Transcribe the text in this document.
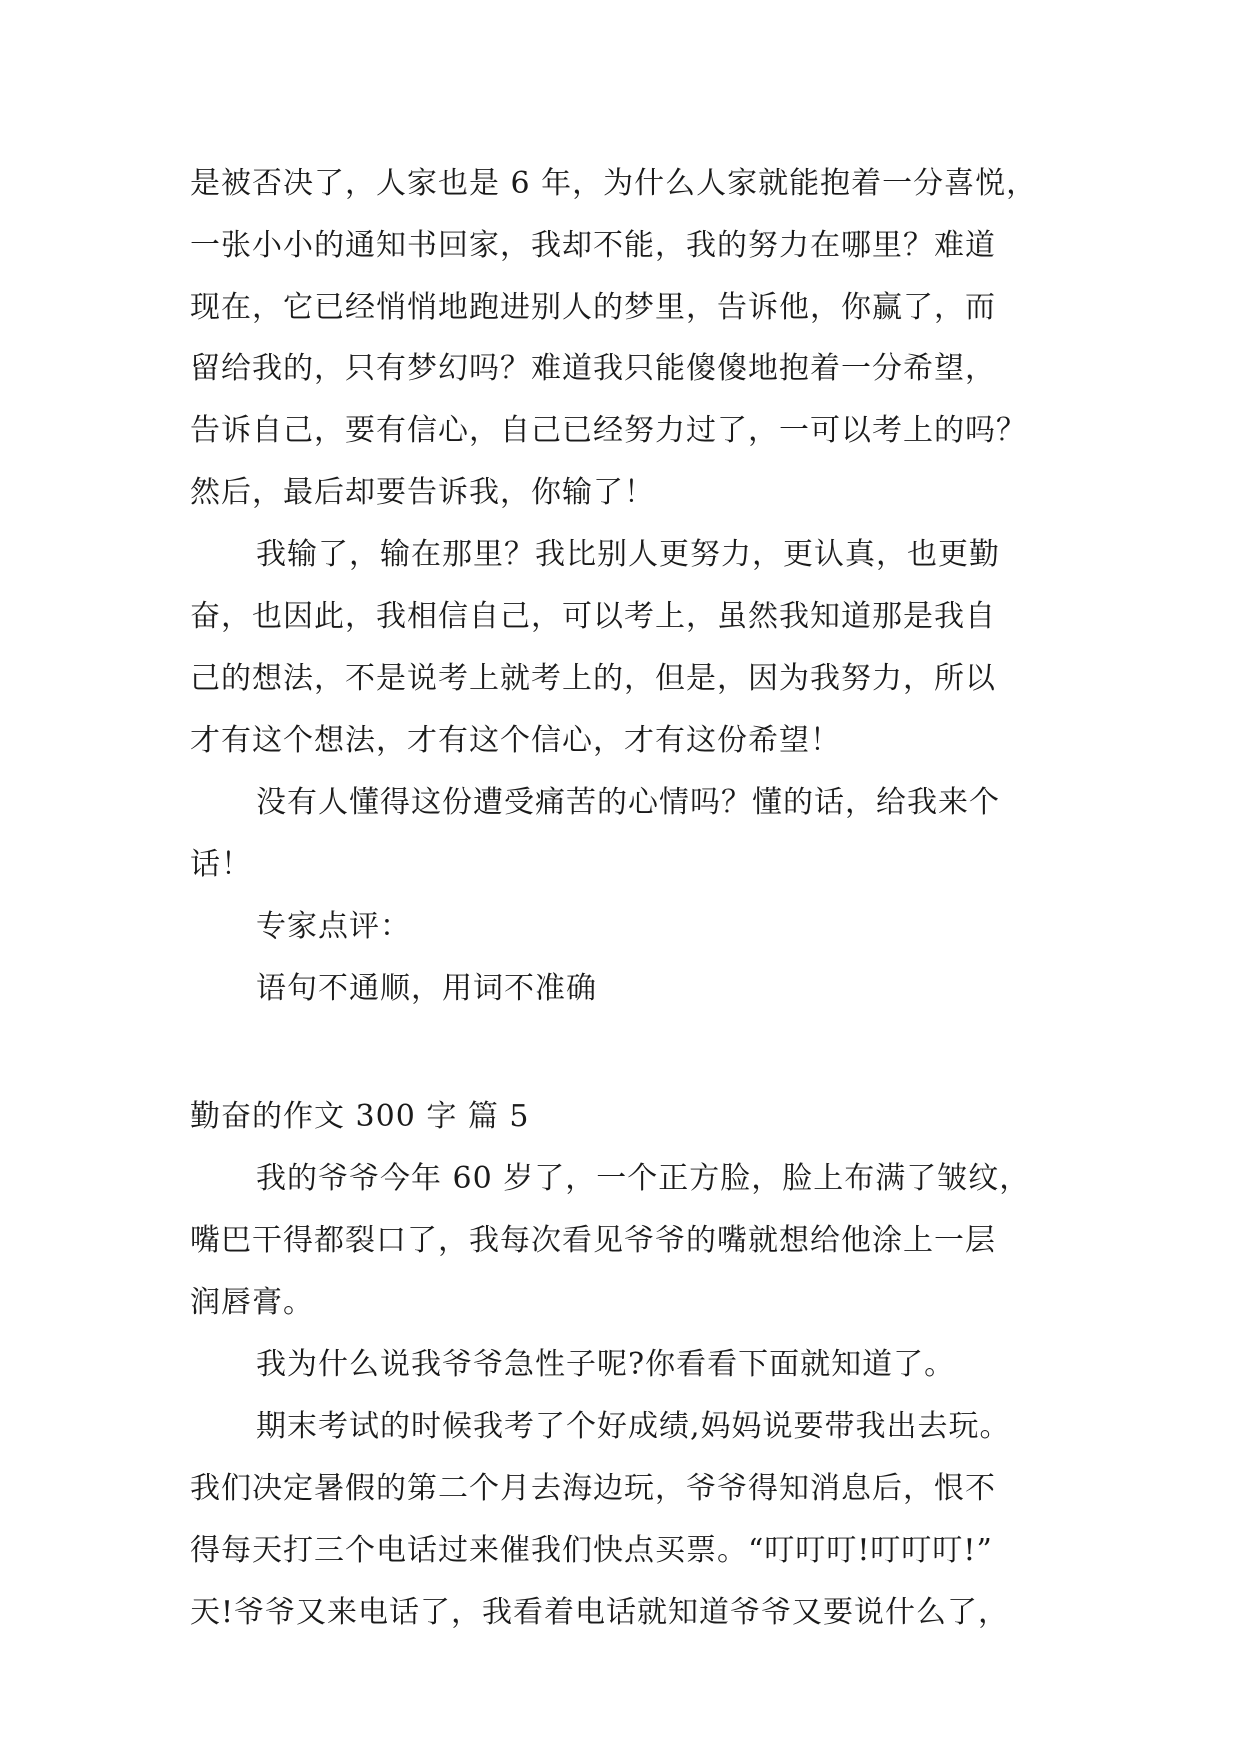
是被否决了，人家也是 6 年，为什么人家就能抱着一分喜悦，
一张小小的通知书回家，我却不能，我的努力在哪里？难道
现在，它已经悄悄地跑进别人的梦里，告诉他，你赢了，而
留给我的，只有梦幻吗？难道我只能傻傻地抱着一分希望，
告诉自己，要有信心，自己已经努力过了，一可以考上的吗？
然后，最后却要告诉我，你输了！
我输了，输在那里？我比别人更努力，更认真，也更勤
奋，也因此，我相信自己，可以考上，虽然我知道那是我自
己的想法，不是说考上就考上的，但是，因为我努力，所以
才有这个想法，才有这个信心，才有这份希望！
没有人懂得这份遭受痛苦的心情吗？懂的话，给我来个
话！
专家点评：
语句不通顺，用词不准确
勤奋的作文 300 字 篇 5
我的爷爷今年 60 岁了，一个正方脸，脸上布满了皱纹，
嘴巴干得都裂口了，我每次看见爷爷的嘴就想给他涂上一层
润唇膏。
我为什么说我爷爷急性子呢?你看看下面就知道了。
期末考试的时候我考了个好成绩,妈妈说要带我出去玩。
我们决定暑假的第二个月去海边玩，爷爷得知消息后，恨不
得每天打三个电话过来催我们快点买票。“叮叮叮!叮叮叮!”
天!爷爷又来电话了，我看着电话就知道爷爷又要说什么了，
